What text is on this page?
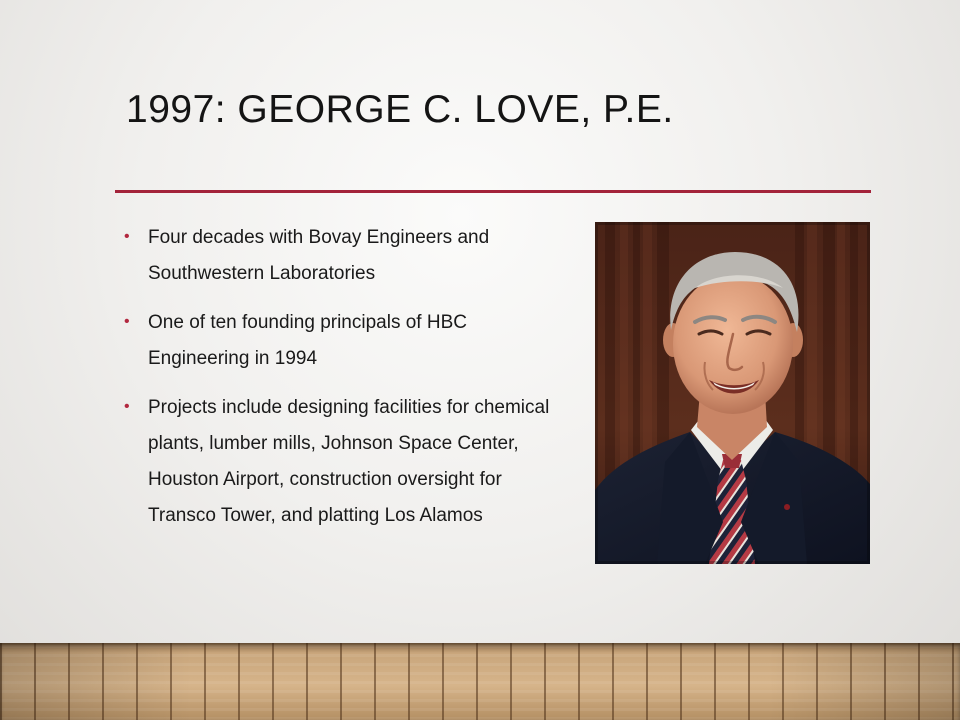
1997: GEORGE C. LOVE, P.E.
• Four decades with Bovay Engineers and Southwestern Laboratories
• One of ten founding principals of HBC Engineering in 1994
• Projects include designing facilities for chemical plants, lumber mills, Johnson Space Center, Houston Airport, construction oversight for Transco Tower, and platting Los Alamos
